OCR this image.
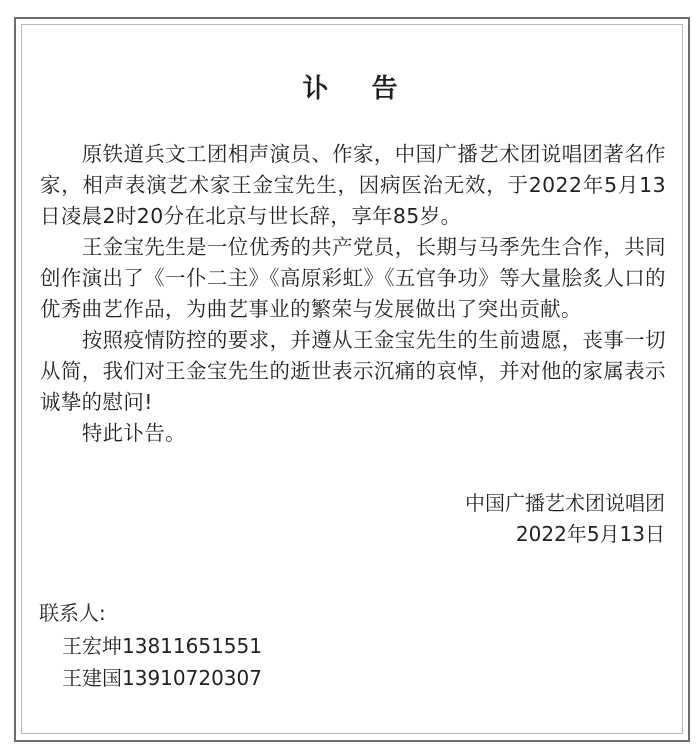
讣 告

原铁道兵文工团相声演员、作家，中国广播艺术团说唱团著名作家，相声表演艺术家王金宝先生，因病医治无效，于2022年5月13日凌晨2时20分在北京与世长辞，享年85岁。

王金宝先生是一位优秀的共产党员，长期与马季先生合作，共同创作演出了《一仆二主》《高原彩虹》《五官争功》等大量脍炙人口的优秀曲艺作品，为曲艺事业的繁荣与发展做出了突出贡献。

按照疫情防控的要求，并遵从王金宝先生的生前遗愿，丧事一切从简，我们对王金宝先生的逝世表示沉痛的哀悼，并对他的家属表示诚挚的慰问!

特此讣告。

中国广播艺术团说唱团
2022年5月13日
联系人:
王宏坤13811651551
王建国13910720307
